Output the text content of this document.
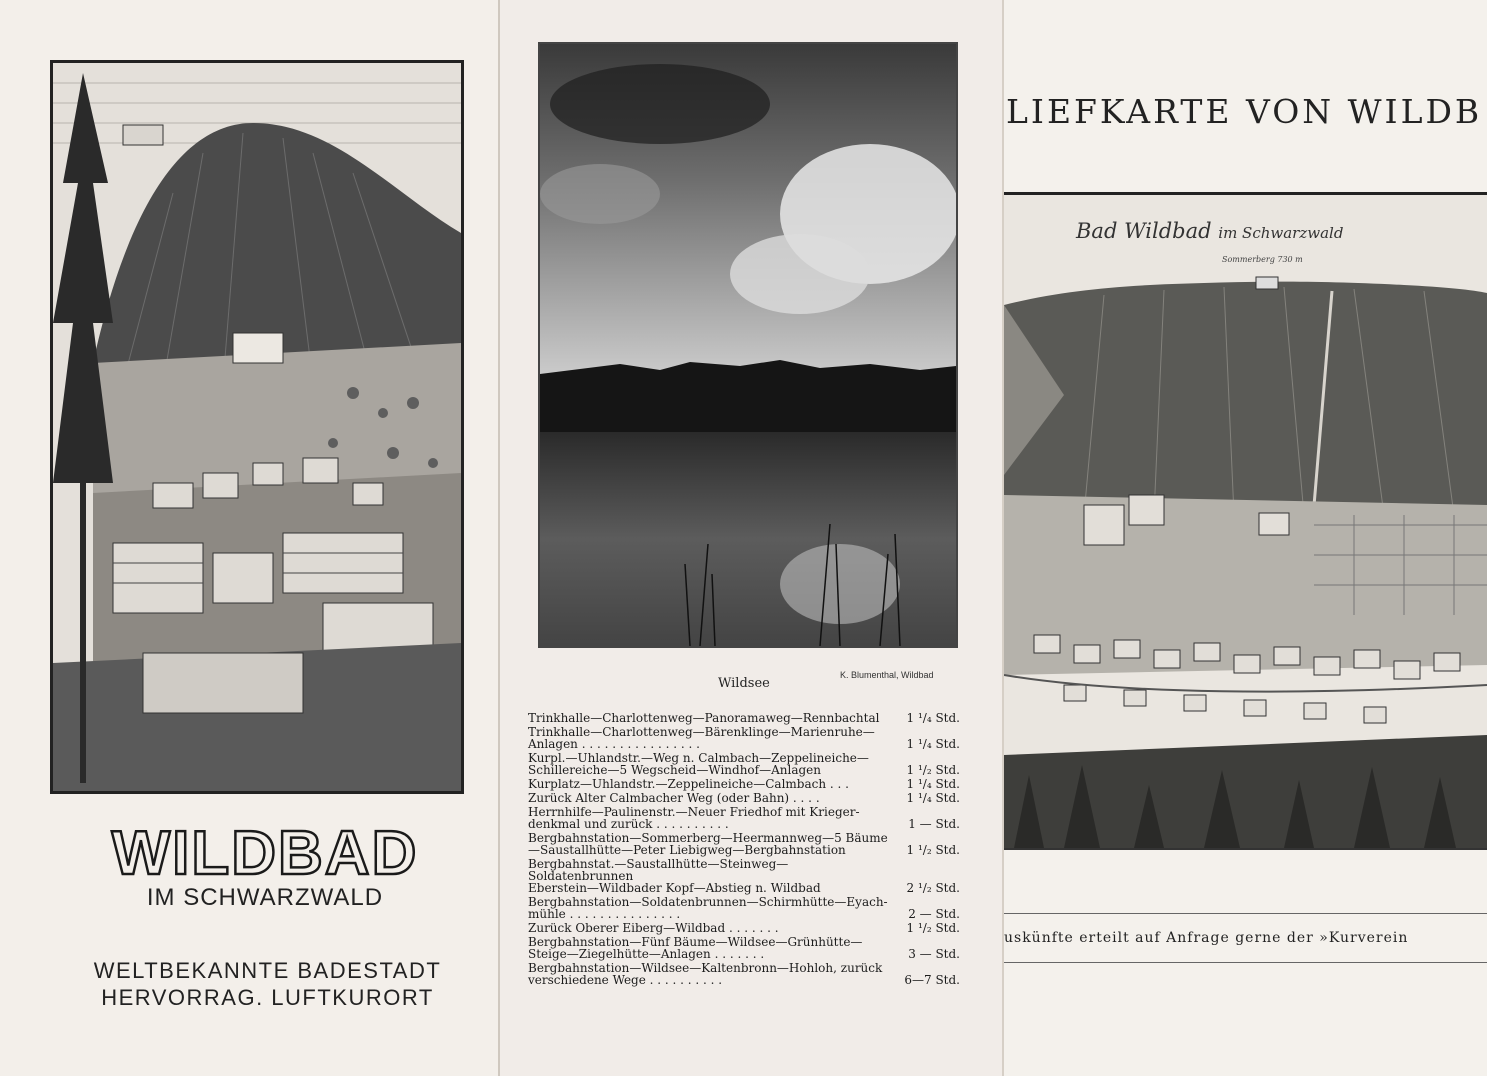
WILDBAD
IM SCHWARZWALD
WELTBEKANNTE BADESTADT
HERVORRAG. LUFTKURORT
K. Blumenthal, Wildbad
Wildsee
Trinkhalle—Charlottenweg—Panoramaweg—Rennbachtal	1 ¹/₄ Std.
Trinkhalle—Charlottenweg—Bärenklinge—Marienruhe—
Anlagen . . . . . . . . . . . . . . . .	1 ¹/₄ Std.
Kurpl.—Uhlandstr.—Weg n. Calmbach—Zeppelineiche—
Schillereiche—5 Wegscheid—Windhof—Anlagen	1 ¹/₂ Std.
Kurplatz—Uhlandstr.—Zeppelineiche—Calmbach . . .	1 ¹/₄ Std.
Zurück Alter Calmbacher Weg (oder Bahn) . . . .	1 ¹/₄ Std.
Herrnhilfe—Paulinenstr.—Neuer Friedhof mit Krieger-
denkmal und zurück . . . . . . . . . .	1 — Std.
Bergbahnstation—Sommerberg—Heermannweg—5 Bäume
—Saustallhütte—Peter Liebigweg—Bergbahnstation	1 ¹/₂ Std.
Bergbahnstat.—Saustallhütte—Steinweg—Soldatenbrunnen
Eberstein—Wildbader Kopf—Abstieg n. Wildbad	2 ¹/₂ Std.
Bergbahnstation—Soldatenbrunnen—Schirmhütte—Eyach-
mühle . . . . . . . . . . . . . . .	2 — Std.
Zurück Oberer Eiberg—Wildbad . . . . . . .	1 ¹/₂ Std.
Bergbahnstation—Fünf Bäume—Wildsee—Grünhütte—
Steige—Ziegelhütte—Anlagen . . . . . . .	3 — Std.
Bergbahnstation—Wildsee—Kaltenbronn—Hohloh, zurück
verschiedene Wege . . . . . . . . . .	6—7 Std.
LIEFKARTE VON WILDB
Bad Wildbad im Schwarzwald
Sommerberg 730 m
uskünfte erteilt auf Anfrage gerne der »Kurverein
